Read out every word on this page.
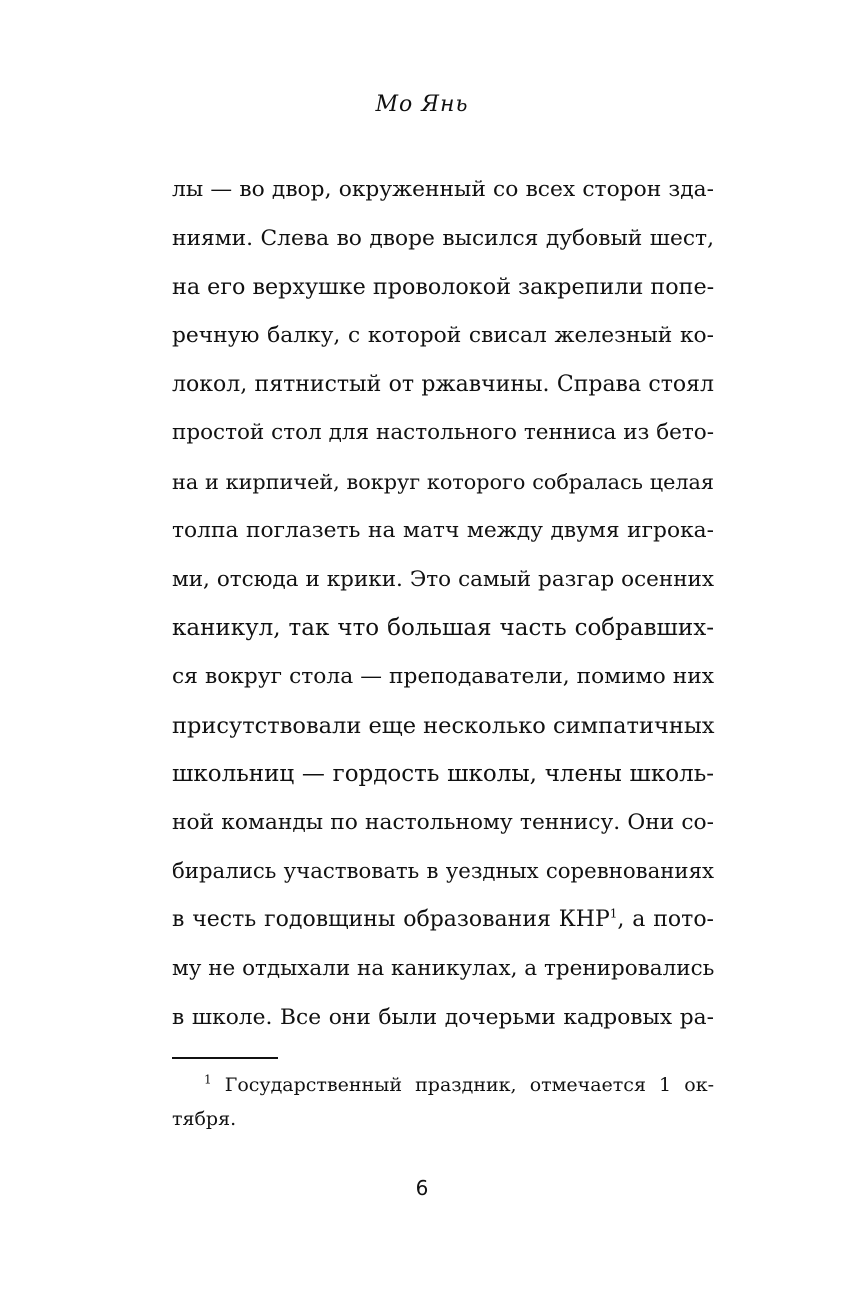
Мо Янь
лы — во двор, окруженный со всех сторон зда-
ниями. Слева во дворе высился дубовый шест,
на его верхушке проволокой закрепили попе-
речную балку, с которой свисал железный ко-
локол, пятнистый от ржавчины. Справа стоял
простой стол для настольного тенниса из бето-
на и кирпичей, вокруг которого собралась целая
толпа поглазеть на матч между двумя игрока-
ми, отсюда и крики. Это самый разгар осенних
каникул, так что большая часть собравших-
ся вокруг стола — преподаватели, помимо них
присутствовали еще несколько симпатичных
школьниц — гордость школы, члены школь-
ной команды по настольному теннису. Они со-
бирались участвовать в уездных соревнованиях
в честь годовщины образования КНР$^1$, а пото-
му не отдыхали на каникулах, а тренировались
в школе. Все они были дочерьми кадровых ра-
$^1$ Государственный праздник, отмечается 1 ок-
тября.
6
